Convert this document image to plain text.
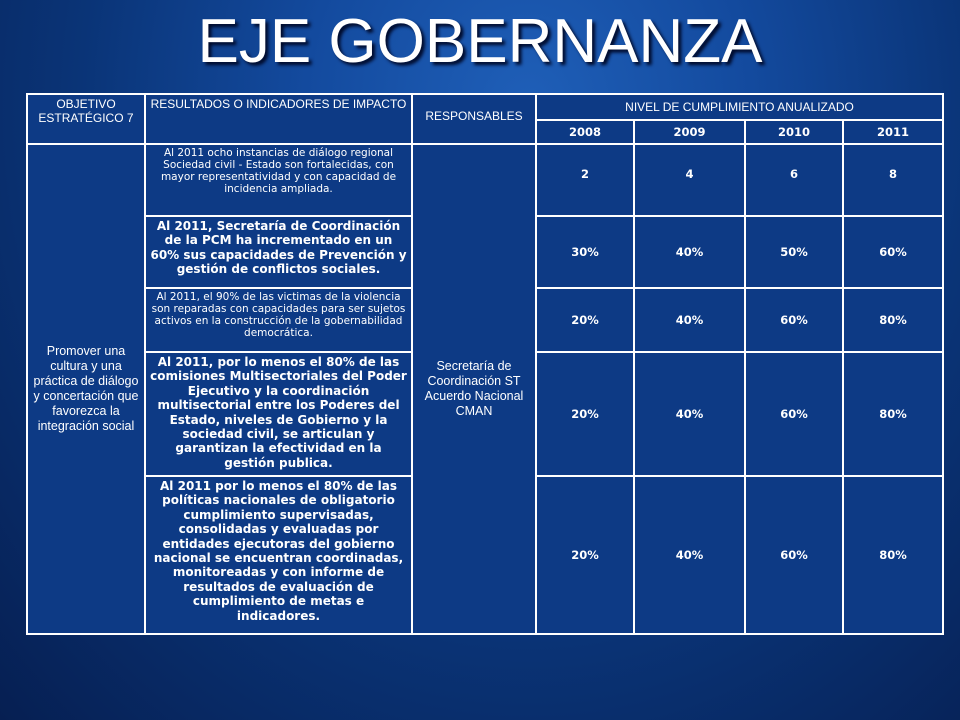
EJE GOBERNANZA
OBJETIVO ESTRATÉGICO 7	RESULTADOS O INDICADORES DE IMPACTO	RESPONSABLES	NIVEL DE CUMPLIMIENTO ANUALIZADO			
			2008	2009	2010	2011
Promover una cultura y una práctica de diálogo y concertación que favorezca la integración social	Al 2011 ocho instancias de diálogo regional Sociedad civil - Estado son fortalecidas, con mayor representatividad y con capacidad de incidencia ampliada.	Secretaría de Coordinación ST Acuerdo Nacional CMAN	2	4	6	8
	Al 2011, Secretaría de Coordinación de la PCM ha incrementado en un 60% sus capacidades de Prevención y gestión de conflictos sociales.		30%	40%	50%	60%
	Al 2011, el 90% de las victimas de la violencia son reparadas con capacidades para ser sujetos activos en la construcción de la gobernabilidad democrática.		20%	40%	60%	80%
	Al 2011, por lo menos el 80% de las comisiones Multisectoriales del Poder Ejecutivo y la coordinación multisectorial entre los Poderes del Estado, niveles de Gobierno y la sociedad civil, se articulan y garantizan la efectividad en la gestión publica.		20%	40%	60%	80%
	Al 2011 por lo menos el 80% de las políticas nacionales de obligatorio cumplimiento supervisadas, consolidadas y evaluadas por entidades ejecutoras del gobierno nacional se encuentran coordinadas, monitoreadas y con informe de resultados de evaluación de cumplimiento de metas e indicadores.		20%	40%	60%	80%
